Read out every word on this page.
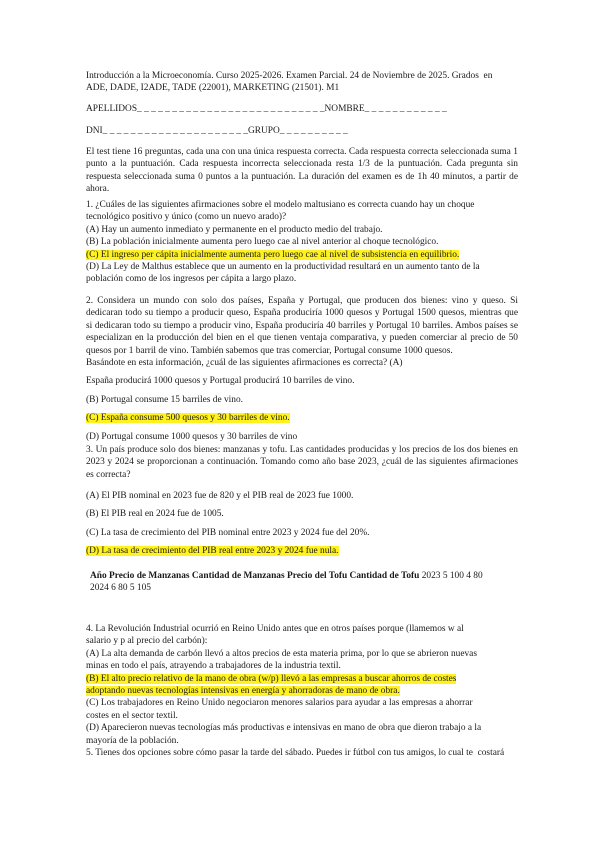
Introducción a la Microeconomía. Curso 2025-2026. Examen Parcial. 24 de Noviembre de 2025. Grados  en
ADE, DADE, I2ADE, TADE (22001), MARKETING (21501). M1
APELLIDOS_ _ _ _ _ _ _ _ _ _ _ _ _ _ _ _ _ _ _ _ _ _ _ _ _ _ _NOMBRE_ _ _ _ _ _ _ _ _ _ _ _
DNI_ _ _ _ _ _ _ _ _ _ _ _ _ _ _ _ _ _ _ _ _GRUPO_ _ _ _ _ _ _ _ _ _

El test tiene 16 preguntas, cada una con una única respuesta correcta. Cada respuesta correcta seleccionada suma 1 punto a la puntuación. Cada respuesta incorrecta seleccionada resta 1/3 de la puntuación. Cada pregunta sin respuesta seleccionada suma 0 puntos a la puntuación. La duración del examen es de 1h 40 minutos, a partir de ahora.

1. ¿Cuáles de las siguientes afirmaciones sobre el modelo maltusiano es correcta cuando hay un choque tecnológico positivo y único (como un nuevo arado)?

(A) Hay un aumento inmediato y permanente en el producto medio del trabajo.

(B) La población inicialmente aumenta pero luego cae al nivel anterior al choque tecnológico.

(C) El ingreso per cápita inicialmente aumenta pero luego cae al nivel de subsistencia en equilibrio.

(D) La Ley de Malthus establece que un aumento en la productividad resultará en un aumento tanto de la población como de los ingresos per cápita a largo plazo.

2. Considera un mundo con solo dos países, España y Portugal, que producen dos bienes: vino y queso. Si dedicaran todo su tiempo a producir queso, España produciría 1000 quesos y Portugal 1500 quesos, mientras que si dedicaran todo su tiempo a producir vino, España produciría 40 barriles y Portugal 10 barriles. Ambos países se especializan en la producción del bien en el que tienen ventaja comparativa, y pueden comerciar al precio de 50 quesos por 1 barril de vino. También sabemos que tras comerciar, Portugal consume 1000 quesos.

Basándote en esta información, ¿cuál de las siguientes afirmaciones es correcta? (A)

España producirá 1000 quesos y Portugal producirá 10 barriles de vino.

(B) Portugal consume 15 barriles de vino.

(C) España consume 500 quesos y 30 barriles de vino.

(D) Portugal consume 1000 quesos y 30 barriles de vino

3. Un país produce solo dos bienes: manzanas y tofu. Las cantidades producidas y los precios de los dos bienes en 2023 y 2024 se proporcionan a continuación. Tomando como año base 2023, ¿cuál de las siguientes afirmaciones es correcta?

(A) El PIB nominal en 2023 fue de 820 y el PIB real de 2023 fue 1000.

(B) El PIB real en 2024 fue de 1005.

(C) La tasa de crecimiento del PIB nominal entre 2023 y 2024 fue del 20%.

(D) La tasa de crecimiento del PIB real entre 2023 y 2024 fue nula.

Año Precio de Manzanas Cantidad de Manzanas Precio del Tofu Cantidad de Tofu 2023 5 100 4 80

2024 6 80 5 105

4. La Revolución Industrial ocurrió en Reino Unido antes que en otros países porque (llamemos w al
salario y p al precio del carbón):
(A) La alta demanda de carbón llevó a altos precios de esta materia prima, por lo que se abrieron nuevas
minas en todo el país, atrayendo a trabajadores de la industria textil.
(B) El alto precio relativo de la mano de obra (w/p) llevó a las empresas a buscar ahorros de costes
adoptando nuevas tecnologías intensivas en energía y ahorradoras de mano de obra.
(C) Los trabajadores en Reino Unido negociaron menores salarios para ayudar a las empresas a ahorrar
costes en el sector textil.
(D) Aparecieron nuevas tecnologías más productivas e intensivas en mano de obra que dieron trabajo a la
mayoría de la población.
5. Tienes dos opciones sobre cómo pasar la tarde del sábado. Puedes ir fútbol con tus amigos, lo cual te  costará
